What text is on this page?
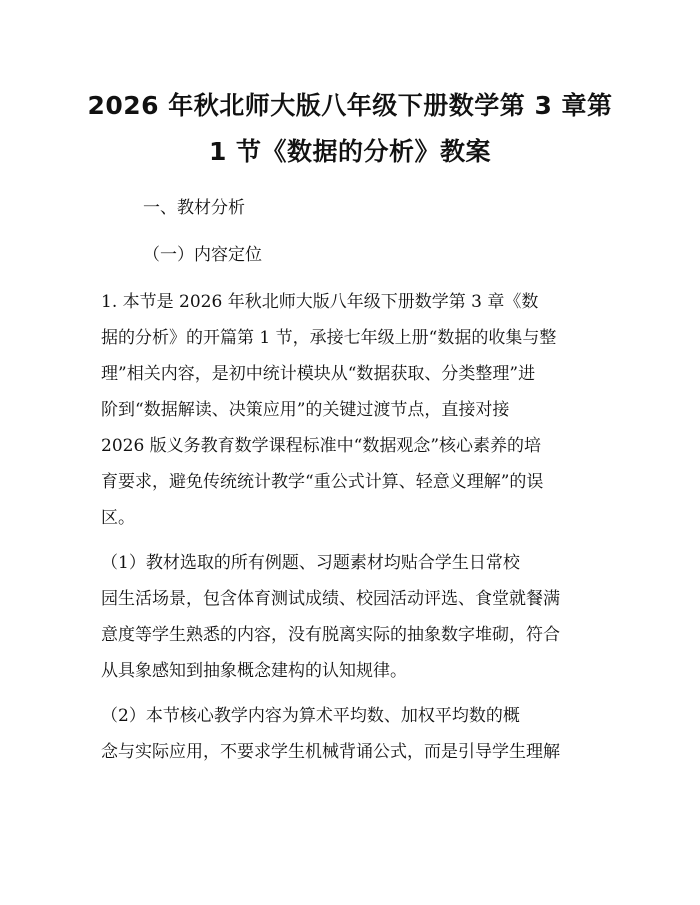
2026 年秋北师大版八年级下册数学第 3 章第
1 节《数据的分析》教案

一、教材分析

（一）内容定位

1. 本节是 2026 年秋北师大版八年级下册数学第 3 章《数

据的分析》的开篇第 1 节，承接七年级上册“数据的收集与整

理”相关内容，是初中统计模块从“数据获取、分类整理”进

阶到“数据解读、决策应用”的关键过渡节点，直接对接

2026 版义务教育数学课程标准中“数据观念”核心素养的培

育要求，避免传统统计教学“重公式计算、轻意义理解”的误

区。

（1）教材选取的所有例题、习题素材均贴合学生日常校

园生活场景，包含体育测试成绩、校园活动评选、食堂就餐满

意度等学生熟悉的内容，没有脱离实际的抽象数字堆砌，符合

从具象感知到抽象概念建构的认知规律。

（2）本节核心教学内容为算术平均数、加权平均数的概

念与实际应用，不要求学生机械背诵公式，而是引导学生理解
